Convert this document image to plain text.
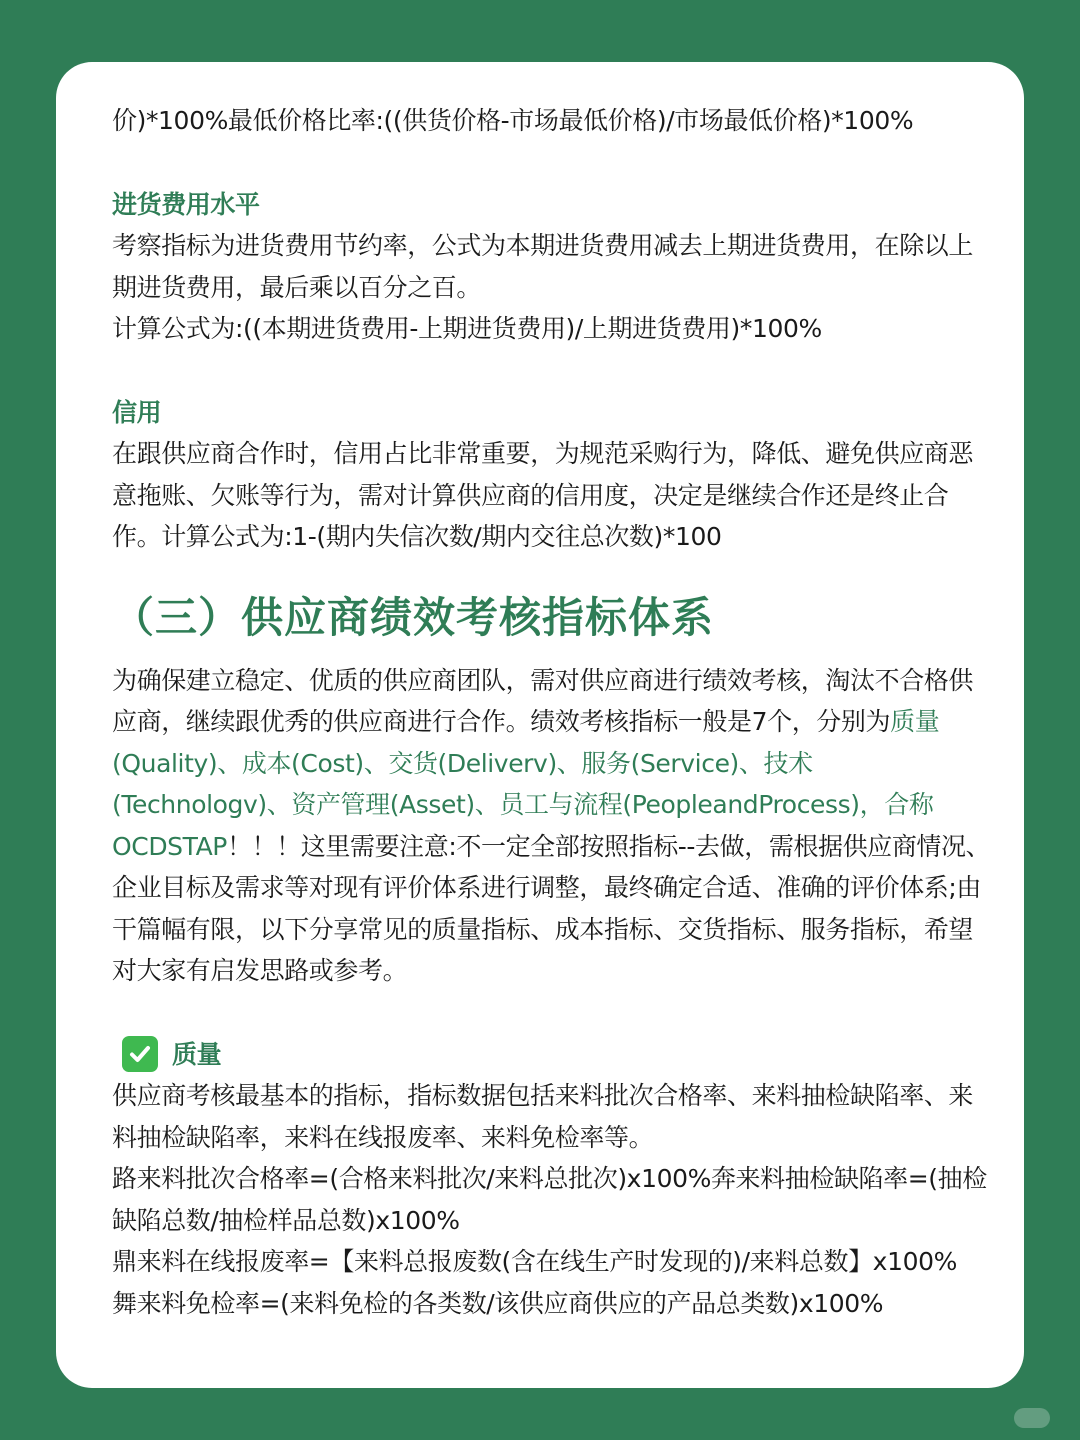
价)*100%最低价格比率:((供货价格-市场最低价格)/市场最低价格)*100%

进货费用水平

考察指标为进货费用节约率，公式为本期进货费用减去上期进货费用，在除以上期进货费用，最后乘以百分之百。

计算公式为:((本期进货费用-上期进货费用)/上期进货费用)*100%

信用

在跟供应商合作时，信用占比非常重要，为规范采购行为，降低、避免供应商恶意拖账、欠账等行为，需对计算供应商的信用度，决定是继续合作还是终止合作。计算公式为:1-(期内失信次数/期内交往总次数)*100

（三）供应商绩效考核指标体系

为确保建立稳定、优质的供应商团队，需对供应商进行绩效考核，淘汰不合格供应商，继续跟优秀的供应商进行合作。绩效考核指标一般是7个，分别为质量(Quality)、成本(Cost)、交货(Deliverv)、服务(Service)、技术(Technologv)、资产管理(Asset)、员工与流程(PeopleandProcess)，合称OCDSTAP！！！这里需要注意:不一定全部按照指标--去做，需根据供应商情况、企业目标及需求等对现有评价体系进行调整，最终确定合适、准确的评价体系;由干篇幅有限，以下分享常见的质量指标、成本指标、交货指标、服务指标，希望对大家有启发思路或参考。

质量

供应商考核最基本的指标，指标数据包括来料批次合格率、来料抽检缺陷率、来料抽检缺陷率，来料在线报废率、来料免检率等。

路来料批次合格率=(合格来料批次/来料总批次)x100%奔来料抽检缺陷率=(抽检缺陷总数/抽检样品总数)x100%

鼎来料在线报废率=【来料总报废数(含在线生产时发现的)/来料总数】x100%

舞来料免检率=(来料免检的各类数/该供应商供应的产品总类数)x100%
